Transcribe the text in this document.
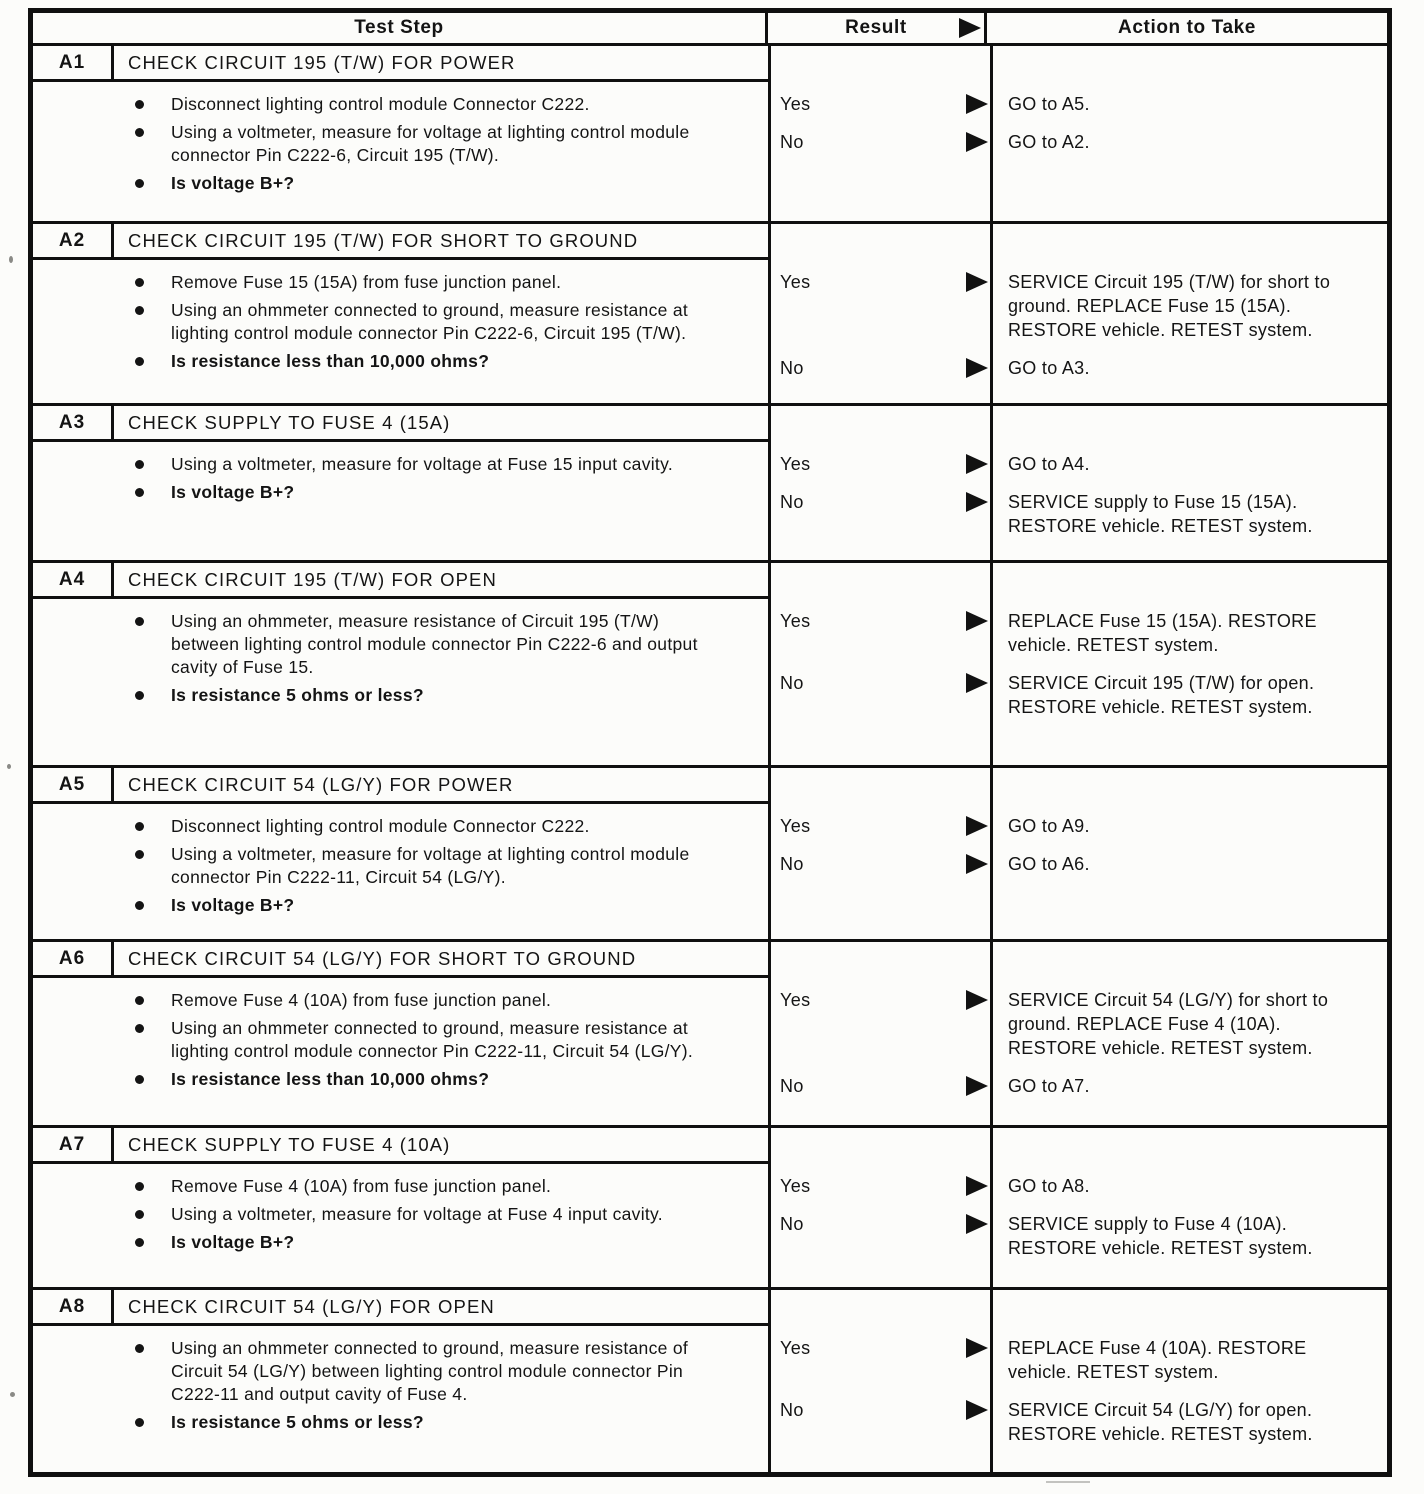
Test Step	Result	Action to Take
A1	CHECK CIRCUIT 195 (T/W) FOR POWER
Disconnect lighting control module Connector C222.
Using a voltmeter, measure for voltage at lighting control module connector Pin C222-6, Circuit 195 (T/W).
Is voltage B+?
Yes	GO to A5.
No	GO to A2.
A2	CHECK CIRCUIT 195 (T/W) FOR SHORT TO GROUND
Remove Fuse 15 (15A) from fuse junction panel.
Using an ohmmeter connected to ground, measure resistance at lighting control module connector Pin C222-6, Circuit 195 (T/W).
Is resistance less than 10,000 ohms?
Yes	SERVICE Circuit 195 (T/W) for short to ground. REPLACE Fuse 15 (15A). RESTORE vehicle. RETEST system.
No	GO to A3.
A3	CHECK SUPPLY TO FUSE 4 (15A)
Using a voltmeter, measure for voltage at Fuse 15 input cavity.
Is voltage B+?
Yes	GO to A4.
No	SERVICE supply to Fuse 15 (15A). RESTORE vehicle. RETEST system.
A4	CHECK CIRCUIT 195 (T/W) FOR OPEN
Using an ohmmeter, measure resistance of Circuit 195 (T/W) between lighting control module connector Pin C222-6 and output cavity of Fuse 15.
Is resistance 5 ohms or less?
Yes	REPLACE Fuse 15 (15A). RESTORE vehicle. RETEST system.
No	SERVICE Circuit 195 (T/W) for open. RESTORE vehicle. RETEST system.
A5	CHECK CIRCUIT 54 (LG/Y) FOR POWER
Disconnect lighting control module Connector C222.
Using a voltmeter, measure for voltage at lighting control module connector Pin C222-11, Circuit 54 (LG/Y).
Is voltage B+?
Yes	GO to A9.
No	GO to A6.
A6	CHECK CIRCUIT 54 (LG/Y) FOR SHORT TO GROUND
Remove Fuse 4 (10A) from fuse junction panel.
Using an ohmmeter connected to ground, measure resistance at lighting control module connector Pin C222-11, Circuit 54 (LG/Y).
Is resistance less than 10,000 ohms?
Yes	SERVICE Circuit 54 (LG/Y) for short to ground. REPLACE Fuse 4 (10A). RESTORE vehicle. RETEST system.
No	GO to A7.
A7	CHECK SUPPLY TO FUSE 4 (10A)
Remove Fuse 4 (10A) from fuse junction panel.
Using a voltmeter, measure for voltage at Fuse 4 input cavity.
Is voltage B+?
Yes	GO to A8.
No	SERVICE supply to Fuse 4 (10A). RESTORE vehicle. RETEST system.
A8	CHECK CIRCUIT 54 (LG/Y) FOR OPEN
Using an ohmmeter connected to ground, measure resistance of Circuit 54 (LG/Y) between lighting control module connector Pin C222-11 and output cavity of Fuse 4.
Is resistance 5 ohms or less?
Yes	REPLACE Fuse 4 (10A). RESTORE vehicle. RETEST system.
No	SERVICE Circuit 54 (LG/Y) for open. RESTORE vehicle. RETEST system.
